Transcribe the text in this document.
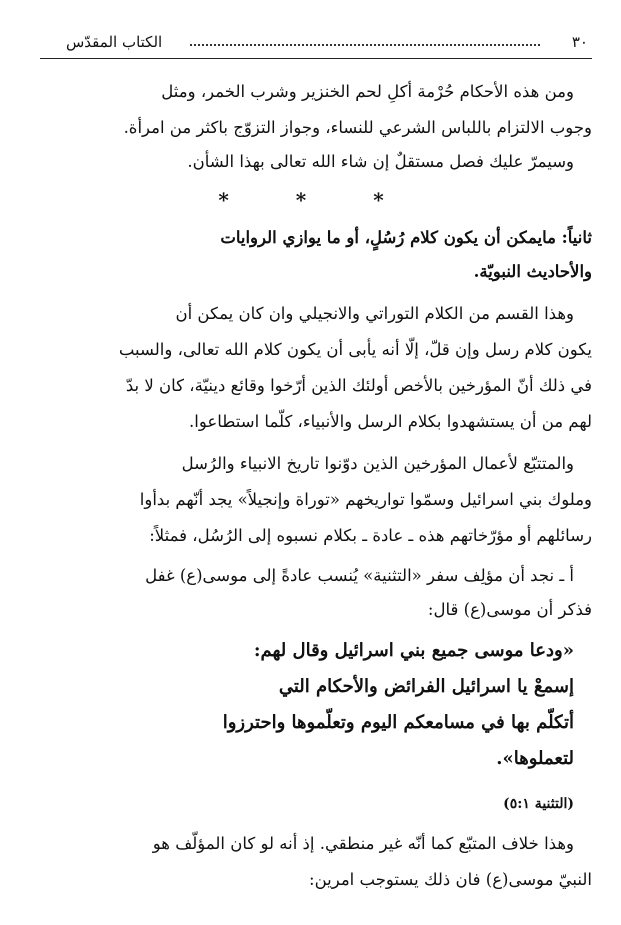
٣٠
الكتاب المقدّس

ومن هذه الأحكام حُرْمة أكلِ لحم الخنزير وشرب الخمر، ومثل

وجوب الالتزام باللباس الشرعي للنساء، وجواز التزوّج باكثر من امرأة.

وسيمرّ عليك فصل مستقلٌ إن شاء الله تعالى بهذا الشأن.

* * *

ثانياً: مايمكن أن يكون كلام رُسُلٍ، أو ما يوازي الروايات

والأحاديث النبويّة.

وهذا القسم من الكلام التوراتي والانجيلي وان كان يمكن أن

يكون كلام رسل وإن قلّ، إلّا أنه يأبى أن يكون كلام الله تعالى، والسبب

في ذلك أنّ المؤرخين بالأخص أولئك الذين أرّخوا وقائع دينيّة، كان لا بدّ

لهم من أن يستشهدوا بكلام الرسل والأنبياء، كلّما استطاعوا.

والمتتبّع لأعمال المؤرخين الذين دوّنوا تاريخ الانبياء والرُسل

وملوك بني اسرائيل وسمّوا تواريخهم «توراة وإنجيلاً» يجد أنّهم بدأوا

رسائلهم أو مؤرّخاتهم هذه ـ عادة ـ بكلام نسبوه إلى الرُسُل، فمثلاً:

أ ـ نجد أن مؤلِف سفر «التثنية» يُنسب عادةً إلى موسى(ع) غفل

فذكر أن موسى(ع) قال:

«ودعا موسى جميع بني اسرائيل وقال لهم:

إسمعْ يا اسرائيل الفرائض والأحكام التي

أتكلّم بها في مسامعكم اليوم وتعلّموها واحترزوا

لتعملوها».

(التثنية ٥:١)

وهذا خلاف المتبّع كما أنّه غير منطقي. إذ أنه لو كان المؤلّف هو

النبيّ موسى(ع) فان ذلك يستوجب امرين:
